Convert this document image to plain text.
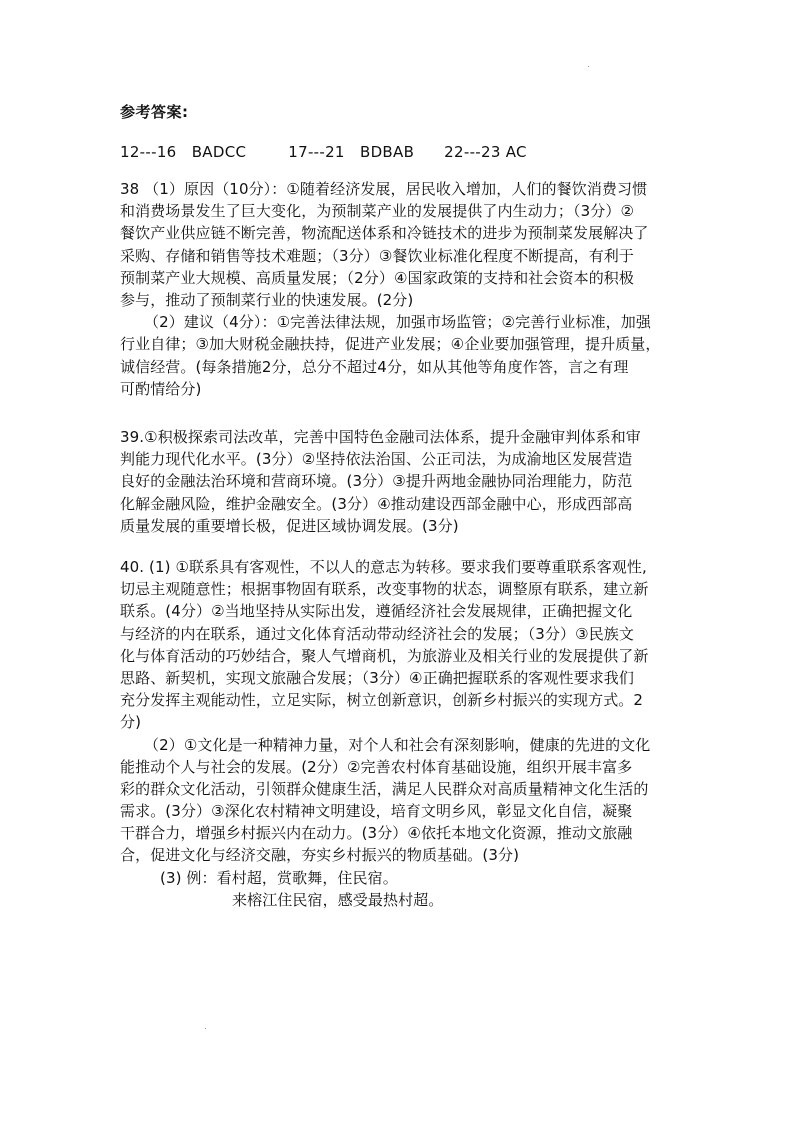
参考答案:
12---16   BADCC	17---21   BDBAB 22---23 AC
38 （1）原因（10分）：①随着经济发展，居民收入增加，人们的餐饮消费习惯
和消费场景发生了巨大变化，为预制菜产业的发展提供了内生动力；（3分）②
餐饮产业供应链不断完善，物流配送体系和冷链技术的进步为预制菜发展解决了
采购、存储和销售等技术难题；（3分）③餐饮业标准化程度不断提高，有利于
预制菜产业大规模、高质量发展；（2分）④国家政策的支持和社会资本的积极
参与，推动了预制菜行业的快速发展。(2分)
（2）建议（4分）：①完善法律法规，加强市场监管；②完善行业标准，加强
行业自律；③加大财税金融扶持，促进产业发展；④企业要加强管理，提升质量，
诚信经营。(每条措施2分，总分不超过4分，如从其他等角度作答，言之有理
可酌情给分)
39.①积极探索司法改革，完善中国特色金融司法体系，提升金融审判体系和审
判能力现代化水平。(3分）②坚持依法治国、公正司法，为成渝地区发展营造
良好的金融法治环境和营商环境。(3分）③提升两地金融协同治理能力，防范
化解金融风险，维护金融安全。(3分）④推动建设西部金融中心，形成西部高
质量发展的重要增长极，促进区域协调发展。(3分)
40. (1) ①联系具有客观性，不以人的意志为转移。要求我们要尊重联系客观性,
切忌主观随意性；根据事物固有联系，改变事物的状态，调整原有联系，建立新
联系。(4分）②当地坚持从实际出发，遵循经济社会发展规律，正确把握文化
与经济的内在联系，通过文化体育活动带动经济社会的发展；（3分）③民族文
化与体育活动的巧妙结合，聚人气增商机，为旅游业及相关行业的发展提供了新
思路、新契机，实现文旅融合发展；（3分）④正确把握联系的客观性要求我们
充分发挥主观能动性，立足实际，树立创新意识，创新乡村振兴的实现方式。2
分)
（2）①文化是一种精神力量，对个人和社会有深刻影响，健康的先进的文化
能推动个人与社会的发展。(2分）②完善农村体育基础设施，组织开展丰富多
彩的群众文化活动，引领群众健康生活，满足人民群众对高质量精神文化生活的
需求。(3分）③深化农村精神文明建设，培育文明乡风，彰显文化自信，凝聚
干群合力，增强乡村振兴内在动力。(3分）④依托本地文化资源，推动文旅融
合，促进文化与经济交融，夯实乡村振兴的物质基础。(3分)
(3) 例：看村超，赏歌舞，住民宿。
来榕江住民宿，感受最热村超。
